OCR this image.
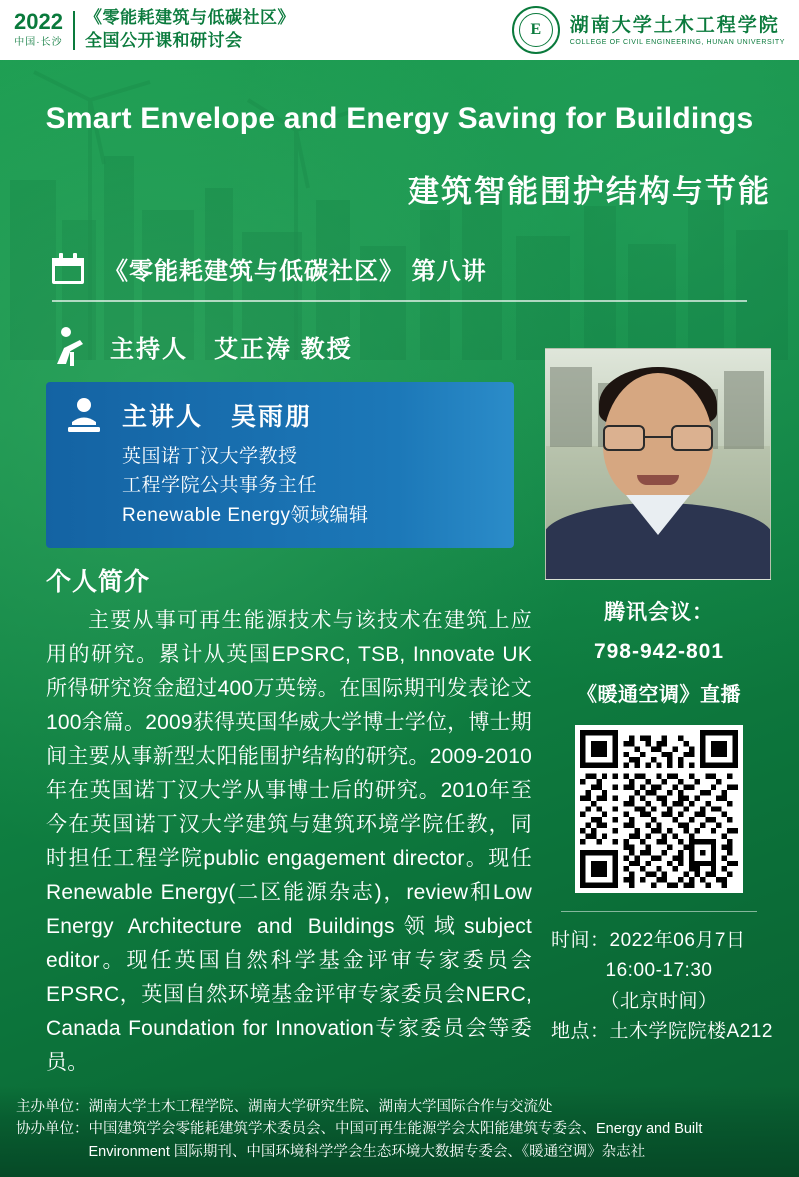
2022
中国·长沙
《零能耗建筑与低碳社区》
全国公开课和研讨会
E	湖南大学土木工程学院
COLLEGE OF CIVIL ENGINEERING, HUNAN UNIVERSITY
Smart Envelope and Energy Saving for Buildings
建筑智能围护结构与节能
《零能耗建筑与低碳社区》 第八讲
主持人 艾正涛 教授
主讲人 吴雨朋
英国诺丁汉大学教授
工程学院公共事务主任
Renewable Energy领域编辑
个人简介
主要从事可再生能源技术与该技术在建筑上应用的研究。累计从英国EPSRC, TSB, Innovate UK 所得研究资金超过400万英镑。在国际期刊发表论文100余篇。2009获得英国华威大学博士学位，博士期间主要从事新型太阳能围护结构的研究。2009-2010年在英国诺丁汉大学从事博士后的研究。2010年至今在英国诺丁汉大学建筑与建筑环境学院任教，同时担任工程学院public engagement director。现任Renewable Energy(二区能源杂志)，review和Low Energy Architecture and Buildings领域subject editor。现任英国自然科学基金评审专家委员会EPSRC，英国自然环境基金评审专家委员会NERC, Canada Foundation for Innovation专家委员会等委员。
腾讯会议：
798-942-801
《暖通空调》直播
时间：2022年06月7日
16:00-17:30
（北京时间）
地点：土木学院院楼A212
主办单位： 湖南大学土木工程学院、湖南大学研究生院、湖南大学国际合作与交流处
协办单位： 中国建筑学会零能耗建筑学术委员会、中国可再生能源学会太阳能建筑专委会、Energy and Built Environment 国际期刊、中国环境科学学会生态环境大数据专委会、《暖通空调》杂志社
